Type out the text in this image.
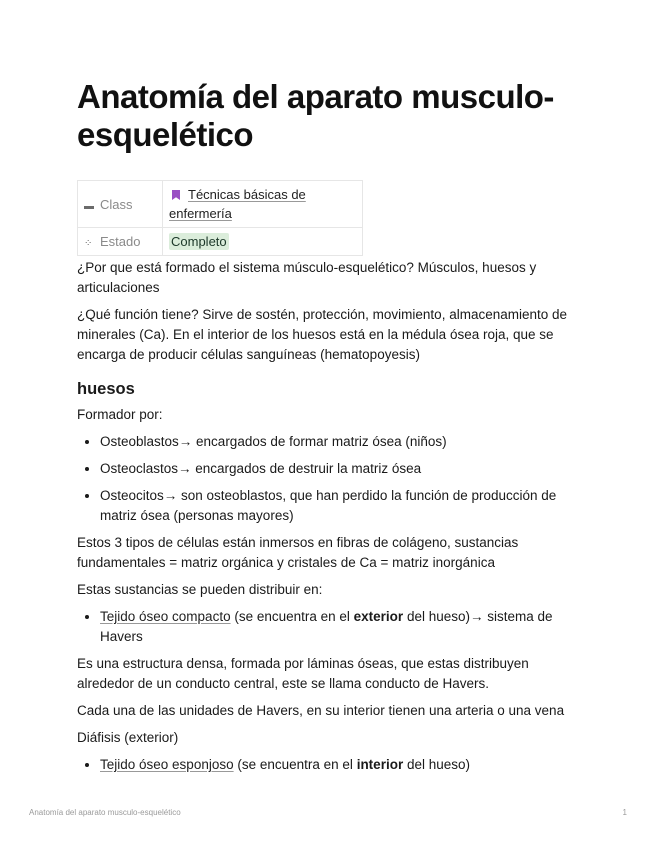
Anatomía del aparato musculo-esquelético
▬ Class	Técnicas básicas de
enfermería
⁘ Estado	Completo

¿Por que está formado el sistema músculo-esquelético? Músculos, huesos y articulaciones

¿Qué función tiene? Sirve de sostén, protección, movimiento, almacenamiento de minerales (Ca). En el interior de los huesos está en la médula ósea roja, que se encarga de producir células sanguíneas (hematopoyesis)

huesos

Formador por:

• Osteoblastos→ encargados de formar matriz ósea (niños)
• Osteoclastos→ encargados de destruir la matriz ósea
• Osteocitos→ son osteoblastos, que han perdido la función de producción de matriz ósea (personas mayores)

Estos 3 tipos de células están inmersos en fibras de colágeno, sustancias fundamentales = matriz orgánica y cristales de Ca = matriz inorgánica

Estas sustancias se pueden distribuir en:

• Tejido óseo compacto (se encuentra en el exterior del hueso)→ sistema de Havers

Es una estructura densa, formada por láminas óseas, que estas distribuyen alrededor de un conducto central, este se llama conducto de Havers.

Cada una de las unidades de Havers, en su interior tienen una arteria o una vena

Diáfisis (exterior)

• Tejido óseo esponjoso (se encuentra en el interior del hueso)
Anatomía del aparato musculo-esquelético	1
